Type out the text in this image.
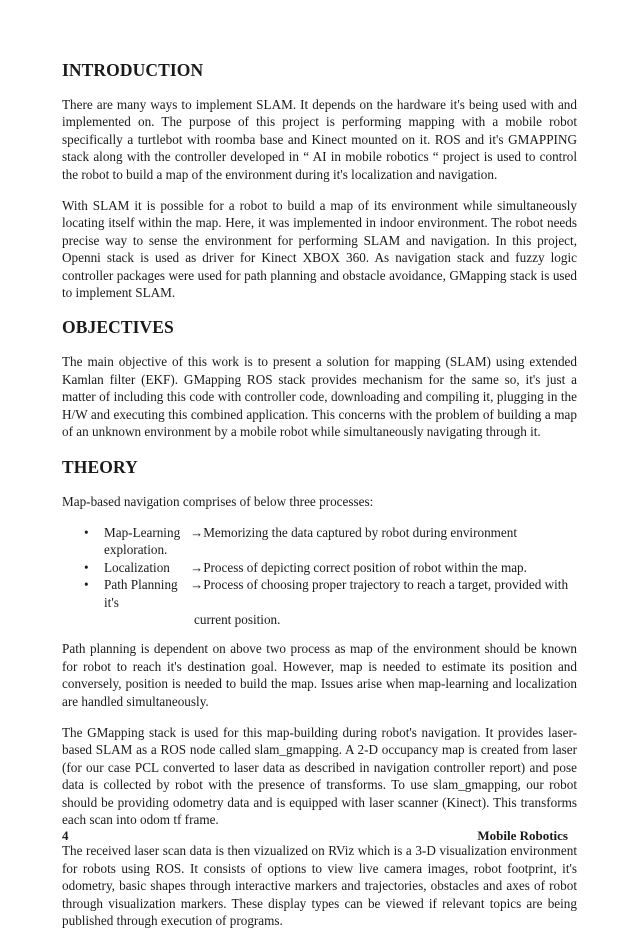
INTRODUCTION

There are many ways to implement SLAM. It depends on the hardware it's being used with and implemented on. The purpose of this project is performing mapping with a mobile robot specifically a turtlebot with roomba base and Kinect mounted on it. ROS and it's GMAPPING stack along with the controller developed in “ AI in mobile robotics “ project is used to control the robot to build a map of the environment during it's localization and navigation.

With SLAM it is possible for a robot to build a map of its environment while simultaneously locating itself within the map. Here, it was implemented in indoor environment. The robot needs precise way to sense the environment for performing SLAM and navigation. In this project, Openni stack is used as driver for Kinect XBOX 360. As navigation stack and fuzzy logic controller packages were used for path planning and obstacle avoidance, GMapping stack is used to implement SLAM.

OBJECTIVES

The main objective of this work is to present a solution for mapping (SLAM) using extended Kamlan filter (EKF). GMapping ROS stack provides mechanism for the same so, it's just a matter of including this code with controller code, downloading and compiling it, plugging in the H/W and executing this combined application. This concerns with the problem of building a map of an unknown environment by a mobile robot while simultaneously navigating through it.

THEORY

Map-based navigation comprises of below three processes:

• Map-Learning →Memorizing the data captured by robot during environment exploration.
• Localization →Process of depicting correct position of robot within the map.
• Path Planning →Process of choosing proper trajectory to reach a target, provided with it's
current position.

Path planning is dependent on above two process as map of the environment should be known for robot to reach it's destination goal. However, map is needed to estimate its position and conversely, position is needed to build the map. Issues arise when map-learning and localization are handled simultaneously.

The GMapping stack is used for this map-building during robot's navigation. It provides laser-based SLAM as a ROS node called slam_gmapping. A 2-D occupancy map is created from laser (for our case PCL converted to laser data as described in navigation controller report) and pose data is collected by robot with the presence of transforms. To use slam_gmapping, our robot should be providing odometry data and is equipped with laser scanner (Kinect). This transforms each scan into odom tf frame.

The received laser scan data is then vizualized on RViz which is a 3-D visualization environment for robots using ROS. It consists of options to view live camera images, robot footprint, it's odometry, basic shapes through interactive markers and trajectories, obstacles and axes of robot through visualization markers. These display types can be viewed if relevant topics are being published through execution of programs.

4	Mobile Robotics
